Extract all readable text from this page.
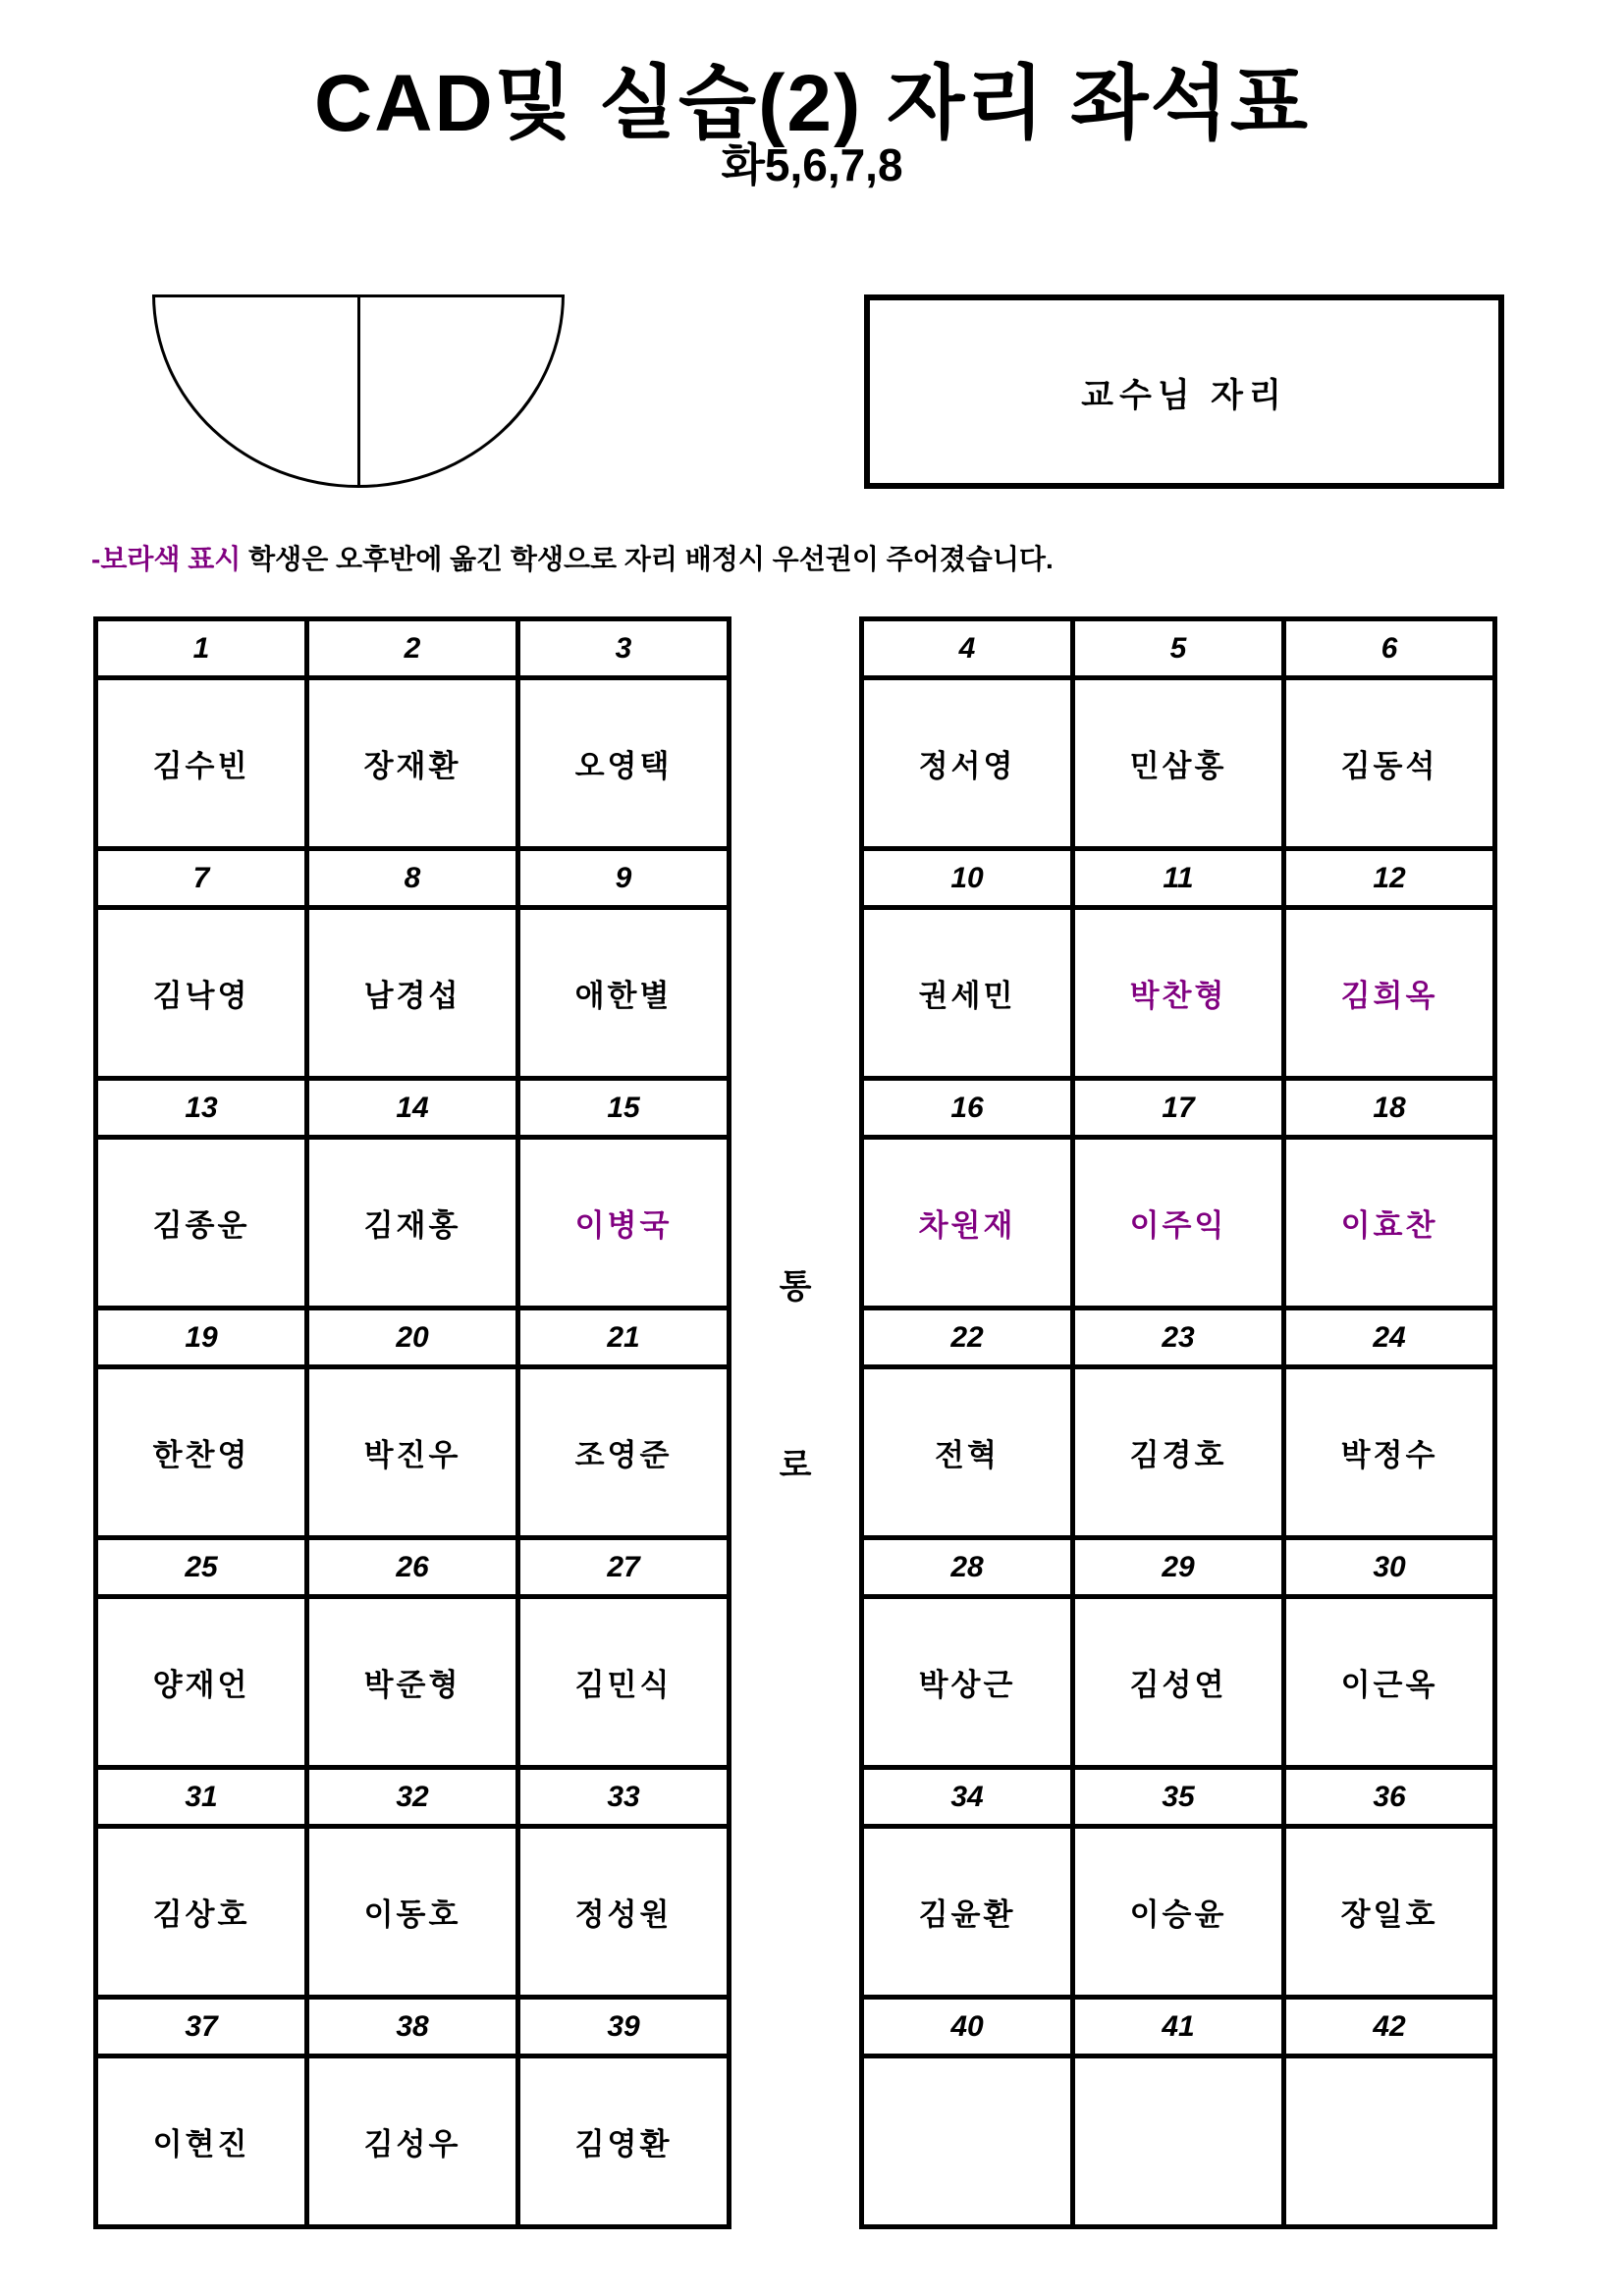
CAD및 실습(2) 자리 좌석표
화5,6,7,8
교수님 자리
-보라색 표시 학생은 오후반에 옮긴 학생으로 자리 배정시 우선권이 주어졌습니다.
1	2	3
김수빈	장재환	오영택
7	8	9
김낙영	남경섭	애한별
13	14	15
김종운	김재홍	이병국
19	20	21
한찬영	박진우	조영준
25	26	27
양재언	박준형	김민식
31	32	33
김상호	이동호	정성원
37	38	39
이현진	김성우	김영환
통
로
4	5	6
정서영	민삼홍	김동석
10	11	12
권세민	박찬형	김희옥
16	17	18
차원재	이주익	이효찬
22	23	24
전혁	김경호	박정수
28	29	30
박상근	김성연	이근옥
34	35	36
김윤환	이승윤	장일호
40	41	42
